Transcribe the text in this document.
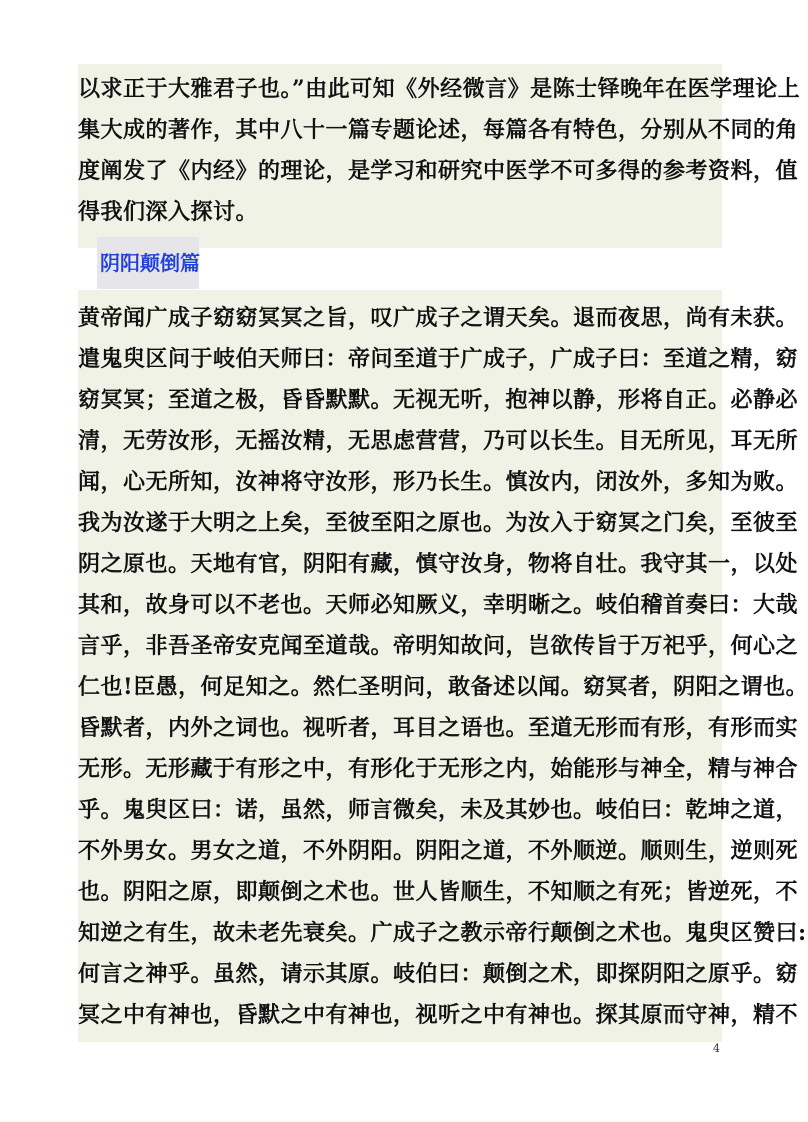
以求正于大雅君子也。”由此可知《外经微言》是陈士铎晚年在医学理论上
集大成的著作，其中八十一篇专题论述，每篇各有特色，分别从不同的角
度阐发了《内经》的理论，是学习和研究中医学不可多得的参考资料，值
得我们深入探讨。
阴阳颠倒篇
黄帝闻广成子窈窈冥冥之旨，叹广成子之谓天矣。退而夜思，尚有未获。
遣鬼臾区问于岐伯天师曰：帝问至道于广成子，广成子曰：至道之精，窈
窈冥冥；至道之极，昏昏默默。无视无听，抱神以静，形将自正。必静必
清，无劳汝形，无摇汝精，无思虑营营，乃可以长生。目无所见，耳无所
闻，心无所知，汝神将守汝形，形乃长生。慎汝内，闭汝外，多知为败。
我为汝遂于大明之上矣，至彼至阳之原也。为汝入于窈冥之门矣，至彼至
阴之原也。天地有官，阴阳有藏，慎守汝身，物将自壮。我守其一，以处
其和，故身可以不老也。天师必知厥义，幸明晰之。岐伯稽首奏曰：大哉
言乎，非吾圣帝安克闻至道哉。帝明知故问，岂欲传旨于万祀乎，何心之
仁也!臣愚，何足知之。然仁圣明问，敢备述以闻。窈冥者，阴阳之谓也。
昏默者，内外之词也。视听者，耳目之语也。至道无形而有形，有形而实
无形。无形藏于有形之中，有形化于无形之内，始能形与神全，精与神合
乎。鬼臾区曰：诺，虽然，师言微矣，未及其妙也。岐伯曰：乾坤之道，
不外男女。男女之道，不外阴阳。阴阳之道，不外顺逆。顺则生，逆则死
也。阴阳之原，即颠倒之术也。世人皆顺生，不知顺之有死；皆逆死，不
知逆之有生，故未老先衰矣。广成子之教示帝行颠倒之术也。鬼臾区赞曰:
何言之神乎。虽然，请示其原。岐伯曰：颠倒之术，即探阴阳之原乎。窈
冥之中有神也，昏默之中有神也，视听之中有神也。探其原而守神，精不
4
